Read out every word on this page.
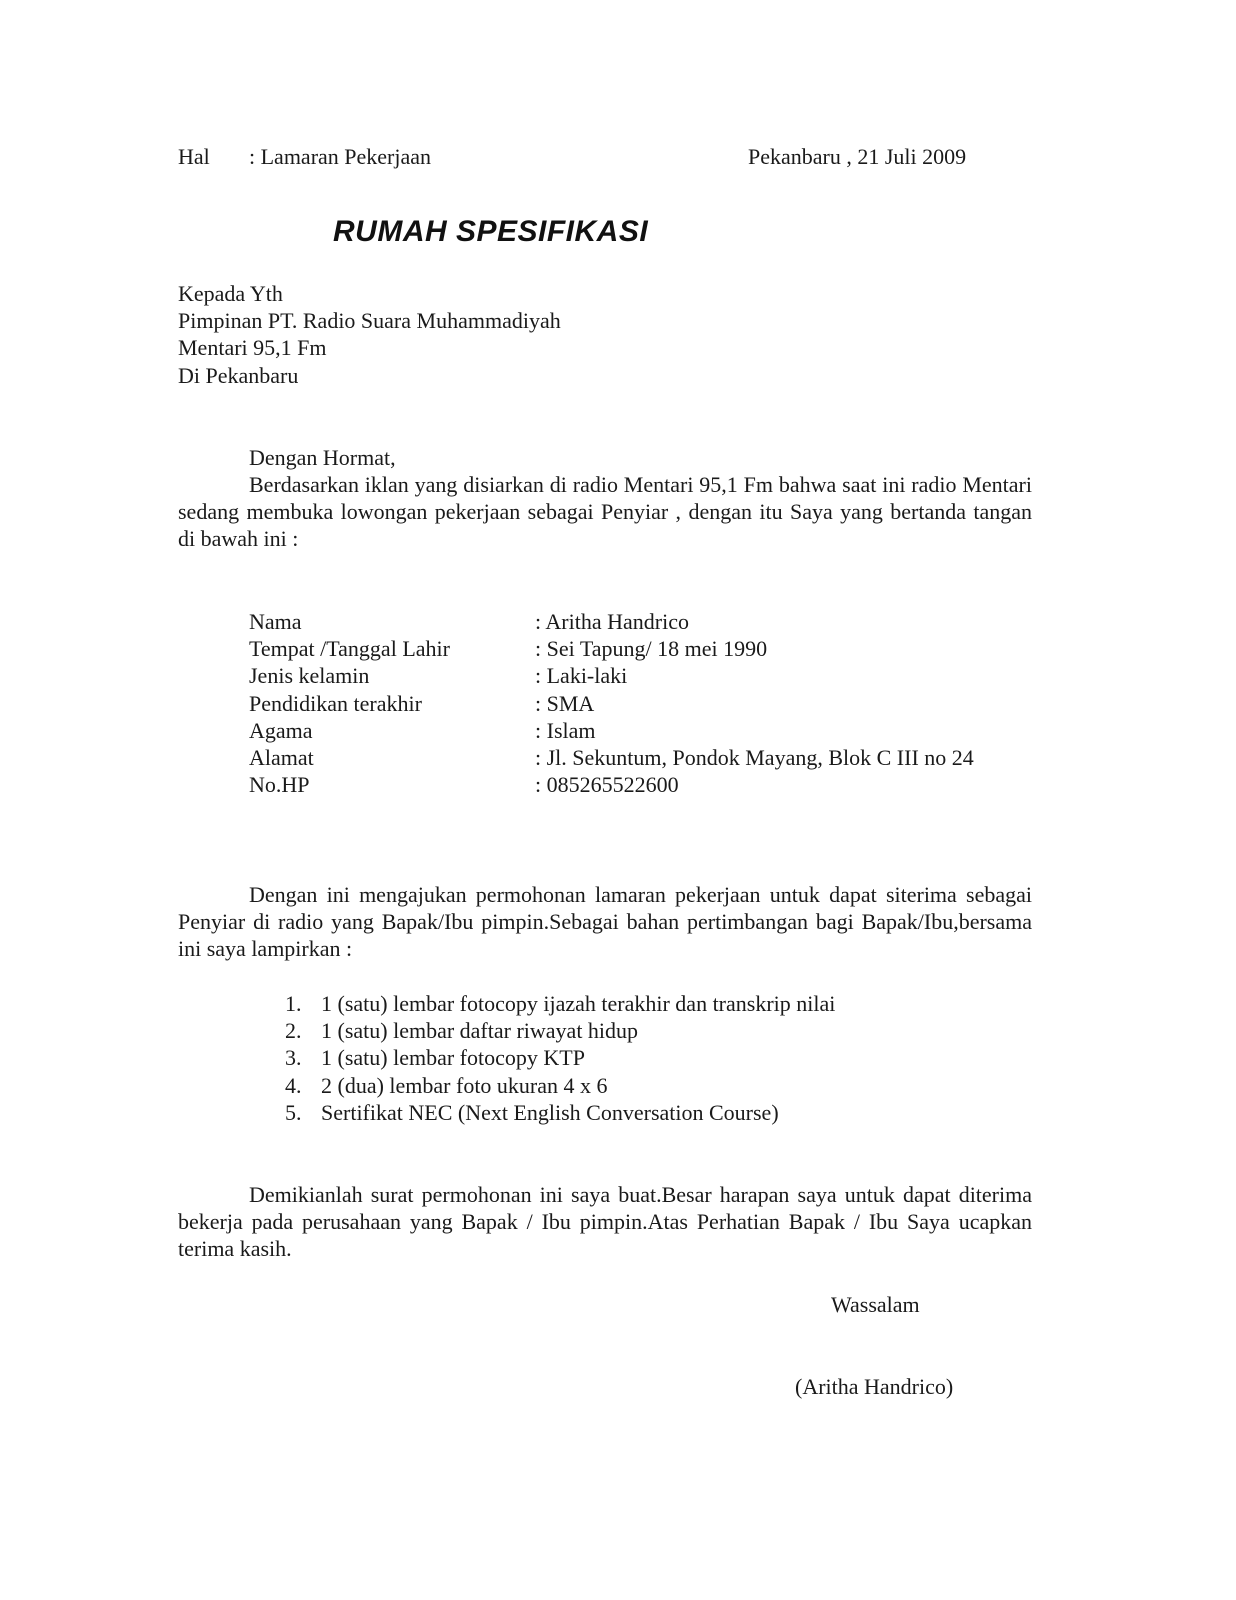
Hal : Lamaran Pekerjaan	Pekanbaru , 21 Juli 2009
RUMAH SPESIFIKASI
Kepada Yth
Pimpinan PT. Radio Suara Muhammadiyah
Mentari 95,1 Fm
Di Pekanbaru
Dengan Hormat,
Berdasarkan iklan yang disiarkan di radio Mentari 95,1 Fm bahwa saat ini radio Mentari sedang membuka lowongan pekerjaan sebagai Penyiar , dengan itu Saya yang bertanda tangan di bawah ini :
Nama	: Aritha Handrico
Tempat /Tanggal Lahir	: Sei Tapung/ 18 mei 1990
Jenis kelamin	: Laki-laki
Pendidikan terakhir	: SMA
Agama	: Islam
Alamat	: Jl. Sekuntum, Pondok Mayang, Blok C III no 24
No.HP	: 085265522600
Dengan ini mengajukan permohonan lamaran pekerjaan untuk dapat siterima sebagai Penyiar di radio yang Bapak/Ibu pimpin.Sebagai bahan pertimbangan bagi Bapak/Ibu,bersama ini saya lampirkan :
1. 1 (satu) lembar fotocopy ijazah terakhir dan transkrip nilai
2. 1 (satu) lembar daftar riwayat hidup
3. 1 (satu) lembar fotocopy KTP
4. 2 (dua) lembar foto ukuran 4 x 6
5. Sertifikat NEC (Next English Conversation Course)
Demikianlah surat permohonan ini saya buat.Besar harapan saya untuk dapat diterima bekerja pada perusahaan yang Bapak / Ibu pimpin.Atas Perhatian Bapak / Ibu Saya ucapkan terima kasih.
Wassalam
(Aritha Handrico)
